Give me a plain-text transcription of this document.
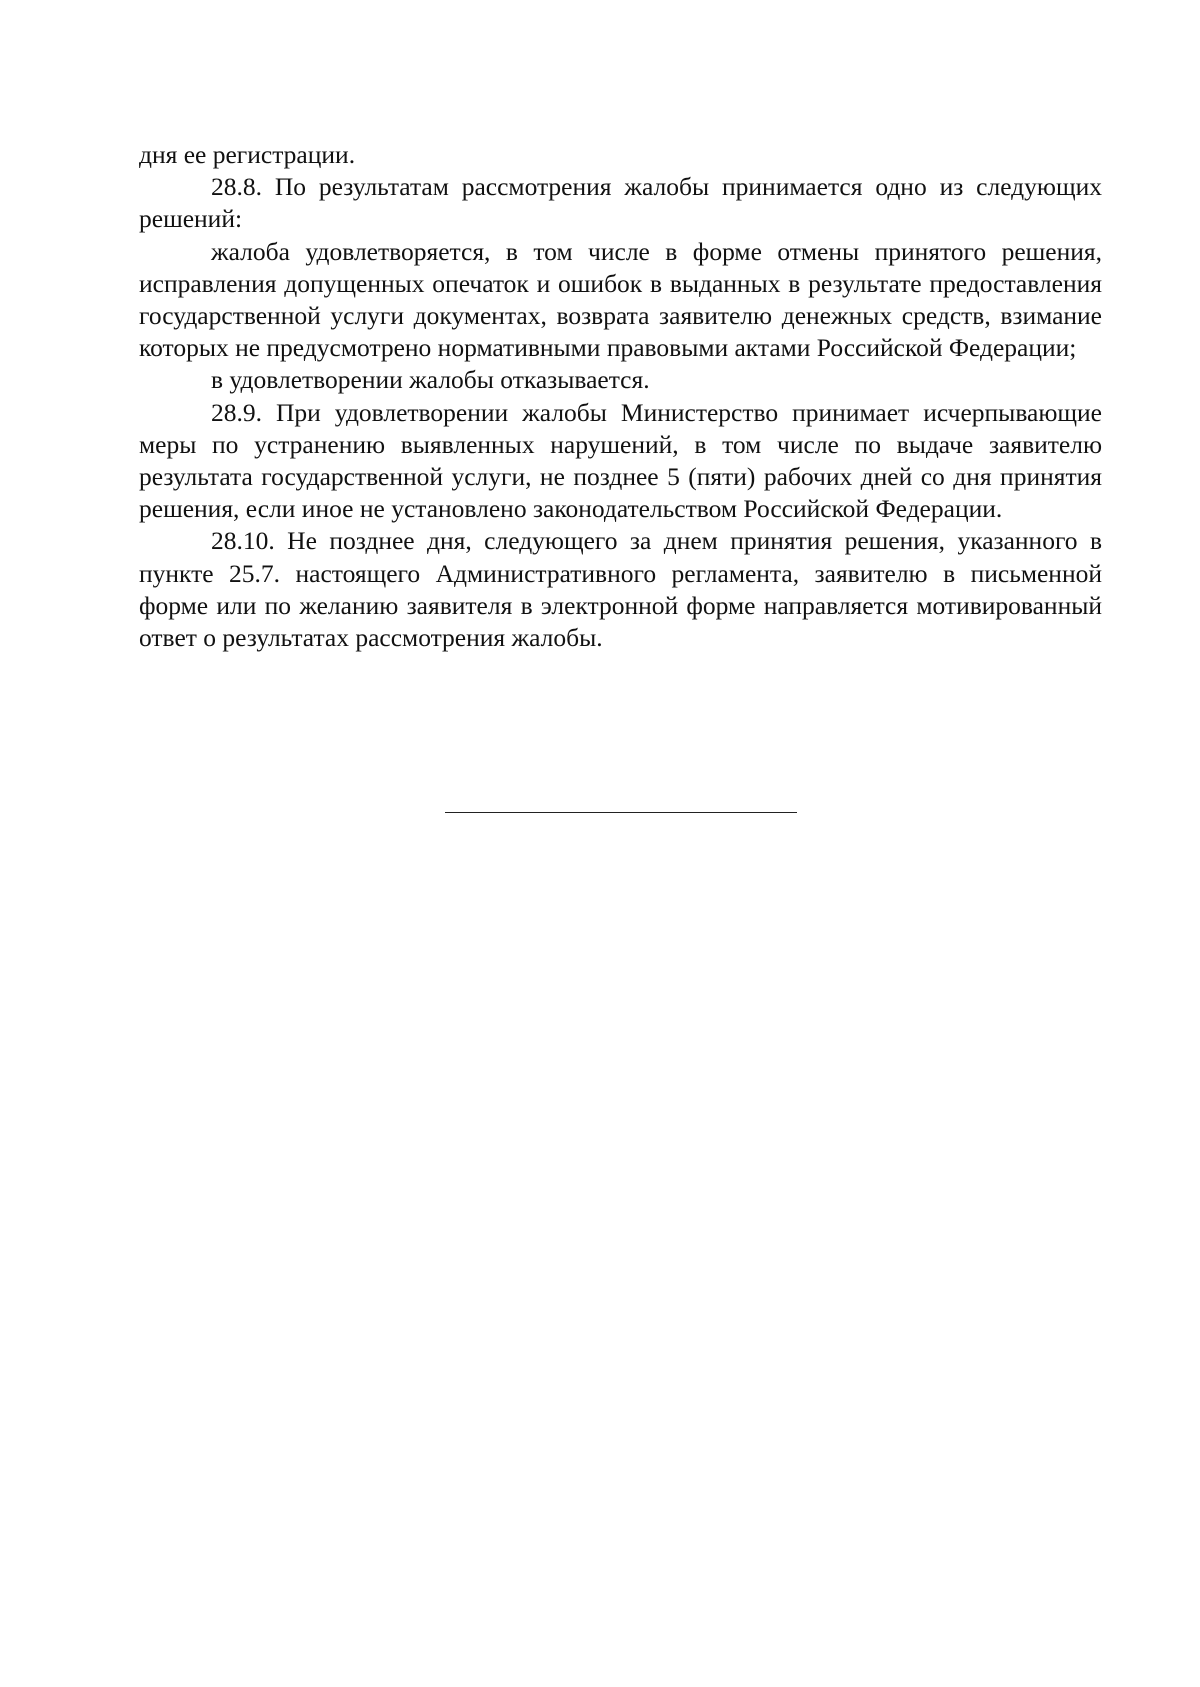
дня ее регистрации.

28.8. По результатам рассмотрения жалобы принимается одно из следующих решений:

жалоба удовлетворяется, в том числе в форме отмены принятого решения, исправления допущенных опечаток и ошибок в выданных в результате предоставления государственной услуги документах, возврата заявителю денежных средств, взимание которых не предусмотрено нормативными правовыми актами Российской Федерации;

в удовлетворении жалобы отказывается.

28.9. При удовлетворении жалобы Министерство принимает исчерпывающие меры по устранению выявленных нарушений, в том числе по выдаче заявителю результата государственной услуги, не позднее 5 (пяти) рабочих дней со дня принятия решения, если иное не установлено законодательством Российской Федерации.

28.10. Не позднее дня, следующего за днем принятия решения, указанного в пункте 25.7. настоящего Административного регламента, заявителю в письменной форме или по желанию заявителя в электронной форме направляется мотивированный ответ о результатах рассмотрения жалобы.
